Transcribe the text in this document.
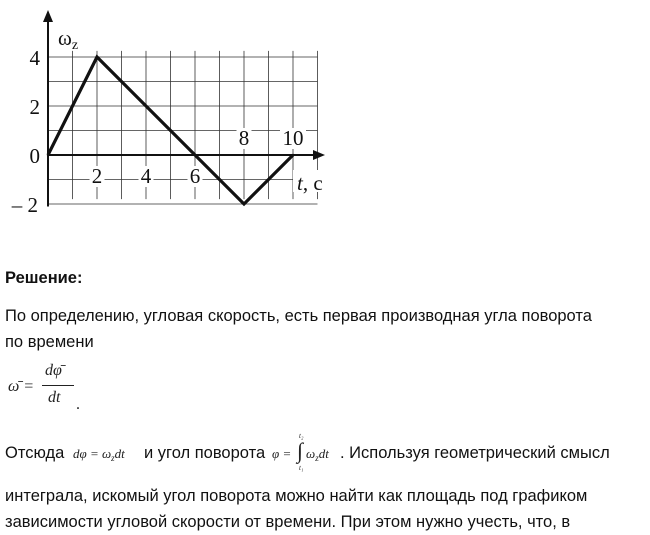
2 4 6
8 10
4
2
0
– 2
ωz
t, с
Решение:
По определению, угловая скорость, есть первая производная угла поворота
по времени
ω̄ =
dφ̄
dt .
Отсюда $d\varphi = \omega_zdt$ и угол поворота φ = ∫
t₂
t₁
$\omega_zdt$ . Используя геометрический смысл
интеграла, искомый угол поворота можно найти как площадь под графиком
зависимости угловой скорости от времени. При этом нужно учесть, что, в
